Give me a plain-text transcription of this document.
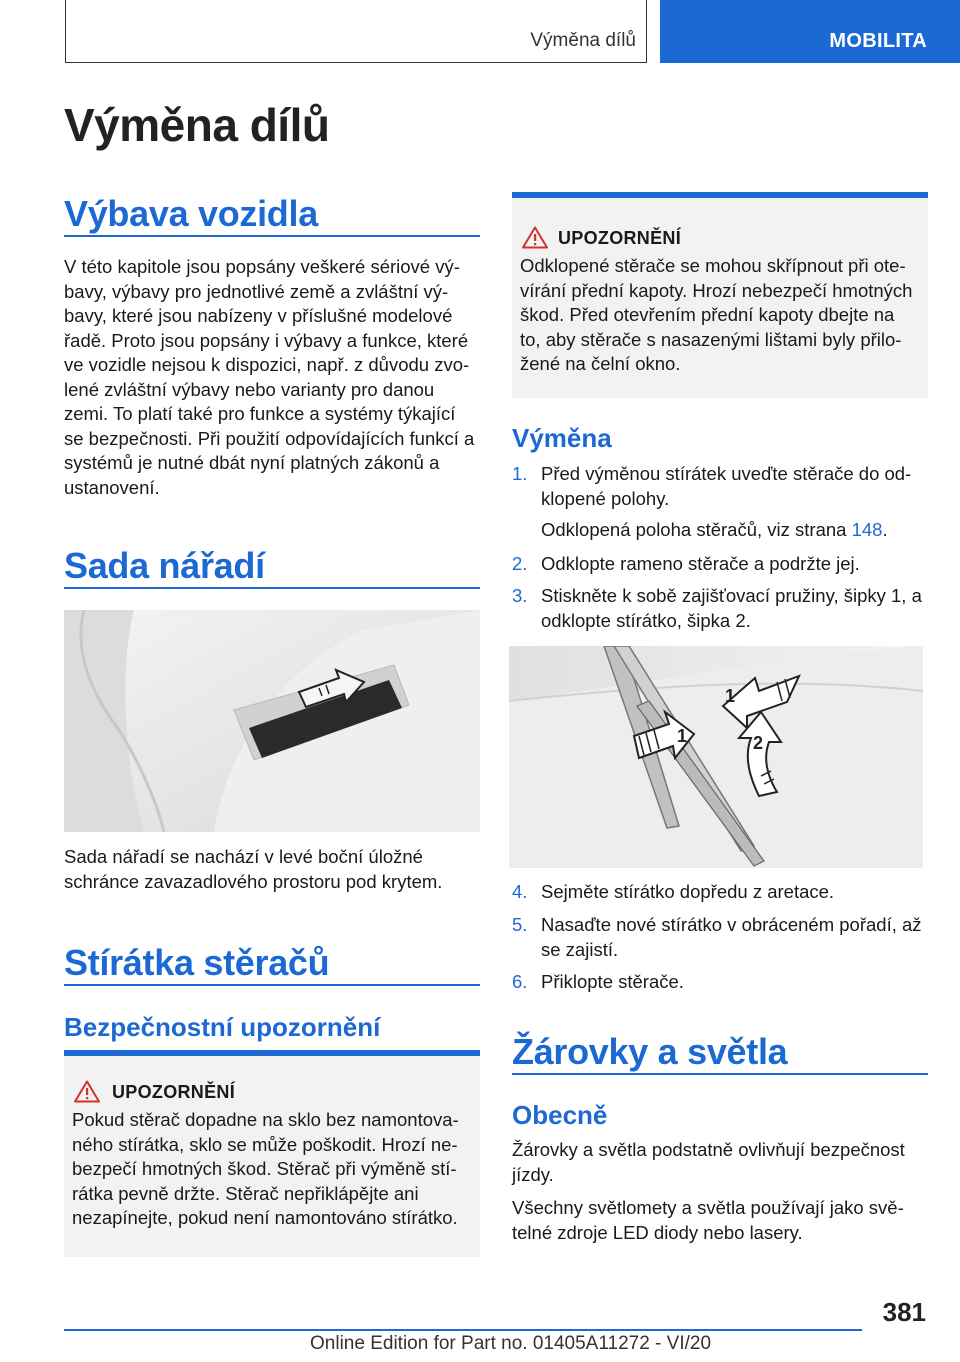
Výměna dílů	MOBILITA
Výměna dílů
Výbava vozidla
V této kapitole jsou popsány veškeré sériové vý-
bavy, výbavy pro jednotlivé země a zvláštní vý-
bavy, které jsou nabízeny v příslušné modelové
řadě. Proto jsou popsány i výbavy a funkce, které
ve vozidle nejsou k dispozici, např. z důvodu zvo-
lené zvláštní výbavy nebo varianty pro danou
zemi. To platí také pro funkce a systémy týkající
se bezpečnosti. Při použití odpovídajících funkcí a
systémů je nutné dbát nyní platných zákonů a
ustanovení.
Sada nářadí
Sada nářadí se nachází v levé boční úložné
schránce zavazadlového prostoru pod krytem.
Stírátka stěračů
Bezpečnostní upozornění
UPOZORNĚNÍ
Pokud stěrač dopadne na sklo bez namontova-
ného stírátka, sklo se může poškodit. Hrozí ne-
bezpečí hmotných škod. Stěrač při výměně stí-
rátka pevně držte. Stěrač nepřiklápějte ani
nezapínejte, pokud není namontováno stírátko.
UPOZORNĚNÍ
Odklopené stěrače se mohou skřípnout při ote-
vírání přední kapoty. Hrozí nebezpečí hmotných
škod. Před otevřením přední kapoty dbejte na
to, aby stěrače s nasazenými lištami byly přilo-
žené na čelní okno.
Výměna
1. Před výměnou stírátek uveďte stěrače do od-
klopené polohy.
Odklopená poloha stěračů, viz strana 148.
2. Odklopte rameno stěrače a podržte jej.
3. Stiskněte k sobě zajišťovací pružiny, šipky 1, a
odklopte stírátko, šipka 2.
1
1
2
4. Sejměte stírátko dopředu z aretace.
5. Nasaďte nové stírátko v obráceném pořadí, až
se zajistí.
6. Přiklopte stěrače.
Žárovky a světla
Obecně
Žárovky a světla podstatně ovlivňují bezpečnost
jízdy.
Všechny světlomety a světla používají jako svě-
telné zdroje LED diody nebo lasery.
381
Online Edition for Part no. 01405A11272 - VI/20
